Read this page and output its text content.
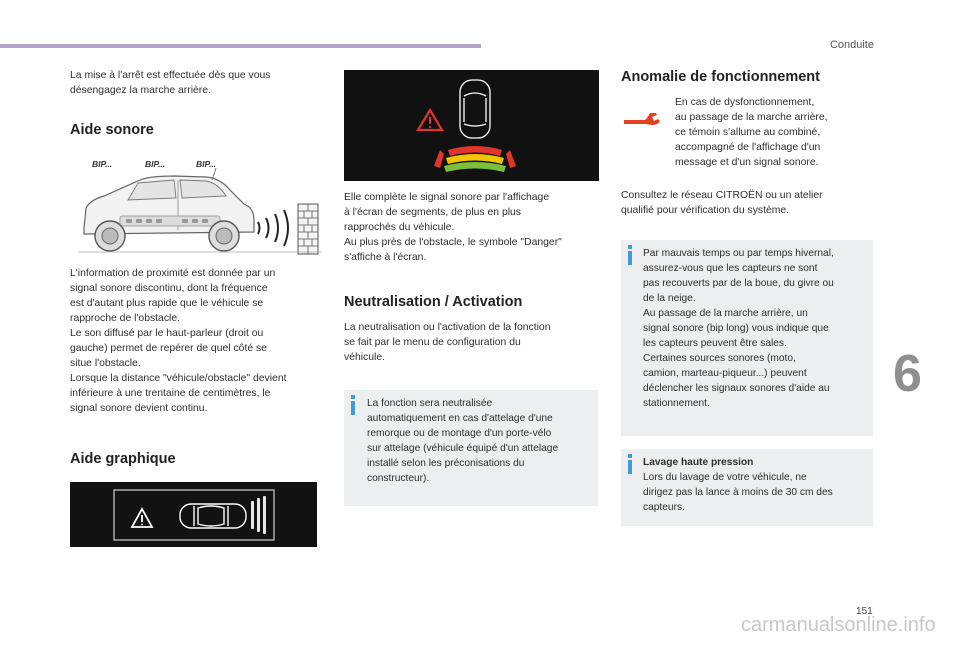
Conduite

La mise à l'arrêt est effectuée dès que vous
désengagez la marche arrière.

Aide sonore
BIP...	BIP...	BIP...

L'information de proximité est donnée par un
signal sonore discontinu, dont la fréquence
est d'autant plus rapide que le véhicule se
rapproche de l'obstacle.
Le son diffusé par le haut-parleur (droit ou
gauche) permet de repérer de quel côté se
situe l'obstacle.
Lorsque la distance "véhicule/obstacle" devient
inférieure à une trentaine de centimètres, le
signal sonore devient continu.

Aide graphique

Elle complète le signal sonore par l'affichage
à l'écran de segments, de plus en plus
rapprochés du véhicule.
Au plus près de l'obstacle, le symbole "Danger"
s'affiche à l'écran.

Neutralisation / Activation

La neutralisation ou l'activation de la fonction
se fait par le menu de configuration du
véhicule.

La fonction sera neutralisée
automatiquement en cas d'attelage d'une
remorque ou de montage d'un porte-vélo
sur attelage (véhicule équipé d'un attelage
installé selon les préconisations du
constructeur).

Anomalie de fonctionnement

En cas de dysfonctionnement,
au passage de la marche arrière,
ce témoin s'allume au combiné,
accompagné de l'affichage d'un
message et d'un signal sonore.

Consultez le réseau CITROËN ou un atelier
qualifié pour vérification du système.

Par mauvais temps ou par temps hivernal,
assurez-vous que les capteurs ne sont
pas recouverts par de la boue, du givre ou
de la neige.
Au passage de la marche arrière, un
signal sonore (bip long) vous indique que
les capteurs peuvent être sales.
Certaines sources sonores (moto,
camion, marteau-piqueur...) peuvent
déclencher les signaux sonores d'aide au
stationnement.

Lavage haute pression

Lors du lavage de votre véhicule, ne
dirigez pas la lance à moins de 30 cm des
capteurs.

6
151
carmanualsonline.info
